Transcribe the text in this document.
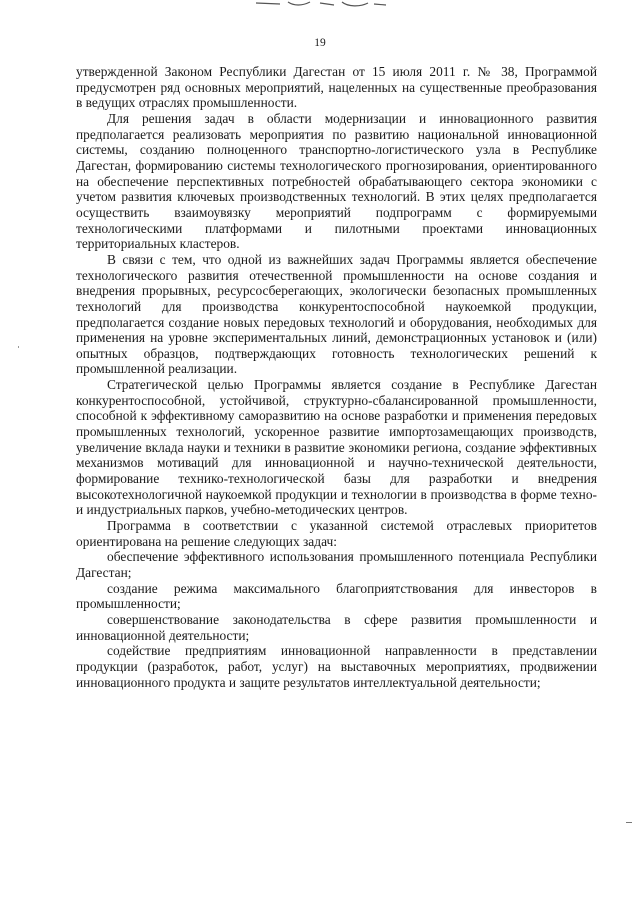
19

утвержденной Законом Республики Дагестан от 15 июля 2011 г. № 38, Программой предусмотрен ряд основных мероприятий, нацеленных на существенные преобразования в ведущих отраслях промышленности.

Для решения задач в области модернизации и инновационного развития предполагается реализовать мероприятия по развитию национальной инновационной системы, созданию полноценного транспортно-логистического узла в Республике Дагестан, формированию системы технологического прогнозирования, ориентированного на обеспечение перспективных потребностей обрабатывающего сектора экономики с учетом развития ключевых производственных технологий. В этих целях предполагается осуществить взаимоувязку мероприятий подпрограмм с формируемыми технологическими платформами и пилотными проектами инновационных территориальных кластеров.

В связи с тем, что одной из важнейших задач Программы является обеспечение технологического развития отечественной промышленности на основе создания и внедрения прорывных, ресурсосберегающих, экологически безопасных промышленных технологий для производства конкурентоспособной наукоемкой продукции, предполагается создание новых передовых технологий и оборудования, необходимых для применения на уровне экспериментальных линий, демонстрационных установок и (или) опытных образцов, подтверждающих готовность технологических решений к промышленной реализации.

Стратегической целью Программы является создание в Республике Дагестан конкурентоспособной, устойчивой, структурно-сбалансированной промышленности, способной к эффективному саморазвитию на основе разработки и применения передовых промышленных технологий, ускоренное развитие импортозамещающих производств, увеличение вклада науки и техники в развитие экономики региона, создание эффективных механизмов мотиваций для инновационной и научно-технической деятельности, формирование технико-технологической базы для разработки и внедрения высокотехнологичной наукоемкой продукции и технологии в производства в форме техно- и индустриальных парков, учебно-методических центров.

Программа в соответствии с указанной системой отраслевых приоритетов ориентирована на решение следующих задач:

обеспечение эффективного использования промышленного потенциала Республики Дагестан;

создание режима максимального благоприятствования для инвесторов в промышленности;

совершенствование законодательства в сфере развития промышленности и инновационной деятельности;

содействие предприятиям инновационной направленности в представлении продукции (разработок, работ, услуг) на выставочных мероприятиях, продвижении инновационного продукта и защите результатов интеллектуальной деятельности;
